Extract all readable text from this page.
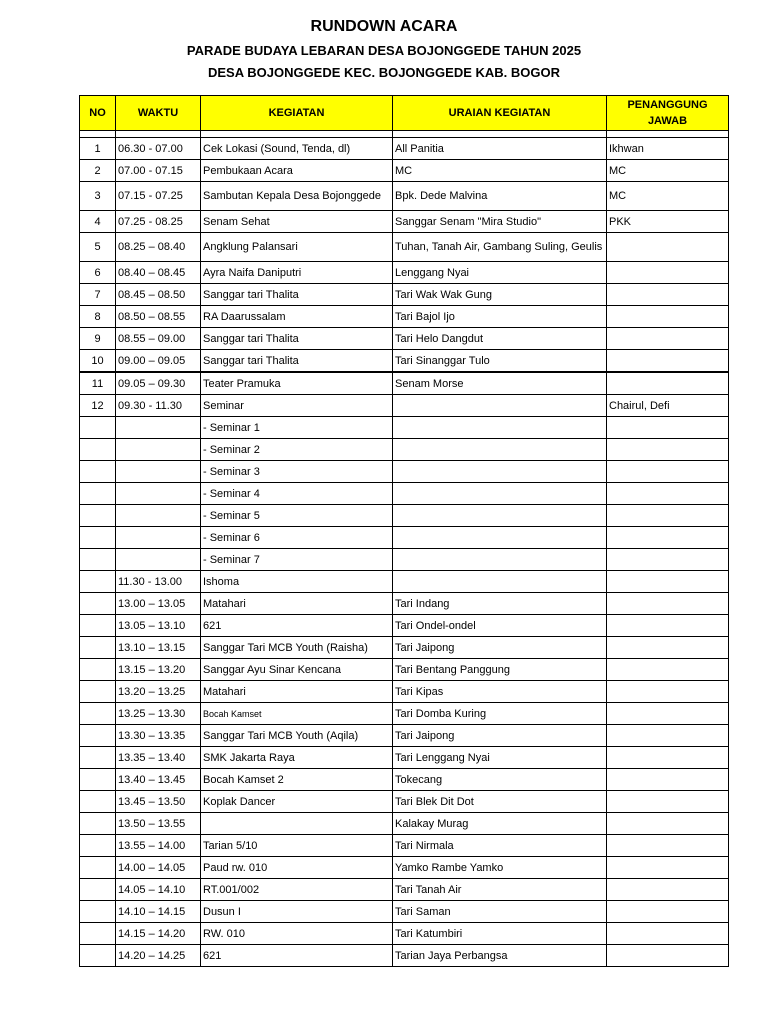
RUNDOWN ACARA
PARADE BUDAYA LEBARAN DESA BOJONGGEDE TAHUN 2025
DESA BOJONGGEDE KEC. BOJONGGEDE KAB. BOGOR
NO	WAKTU	KEGIATAN	URAIAN KEGIATAN	PENANGGUNG JAWAB

1	06.30 - 07.00	Cek Lokasi (Sound, Tenda, dl)	All Panitia	Ikhwan
2	07.00 - 07.15	Pembukaan Acara	MC	MC
3	07.15 - 07.25	Sambutan Kepala Desa Bojonggede	Bpk. Dede Malvina	MC
4	07.25 - 08.25	Senam Sehat	Sanggar Senam "Mira Studio"	PKK
5	08.25 – 08.40	Angklung Palansari	Tuhan, Tanah Air, Gambang Suling, Geulis	
6	08.40 – 08.45	Ayra Naifa Daniputri	Lenggang Nyai	
7	08.45 – 08.50	Sanggar tari Thalita	Tari Wak Wak Gung	
8	08.50 – 08.55	RA Daarussalam	Tari Bajol Ijo	
9	08.55 – 09.00	Sanggar tari Thalita	Tari Helo Dangdut	
10	09.00 – 09.05	Sanggar tari Thalita	Tari Sinanggar Tulo	
11	09.05 – 09.30	Teater Pramuka	Senam Morse	
12	09.30 - 11.30	Seminar		Chairul, Defi
		- Seminar 1		
		- Seminar 2		
		- Seminar 3		
		- Seminar 4		
		- Seminar 5		
		- Seminar 6		
		- Seminar 7		
	11.30 - 13.00	Ishoma		
	13.00 – 13.05	Matahari	Tari Indang	
	13.05 – 13.10	621	Tari Ondel-ondel	
	13.10 – 13.15	Sanggar Tari MCB Youth (Raisha)	Tari Jaipong	
	13.15 – 13.20	Sanggar Ayu Sinar Kencana	Tari Bentang Panggung	
	13.20 – 13.25	Matahari	Tari Kipas	
	13.25 – 13.30	Bocah Kamset	Tari Domba Kuring	
	13.30 – 13.35	Sanggar Tari MCB Youth (Aqila)	Tari Jaipong	
	13.35 – 13.40	SMK Jakarta Raya	Tari Lenggang Nyai	
	13.40 – 13.45	Bocah Kamset 2	Tokecang	
	13.45 – 13.50	Koplak Dancer	Tari Blek Dit Dot	
	13.50 – 13.55		Kalakay Murag	
	13.55 – 14.00	Tarian 5/10	Tari Nirmala	
	14.00 – 14.05	Paud rw. 010	Yamko Rambe Yamko	
	14.05 – 14.10	RT.001/002	Tari Tanah Air	
	14.10 – 14.15	Dusun I	Tari Saman	
	14.15 – 14.20	RW. 010	Tari Katumbiri	
	14.20 – 14.25	621	Tarian Jaya Perbangsa	
